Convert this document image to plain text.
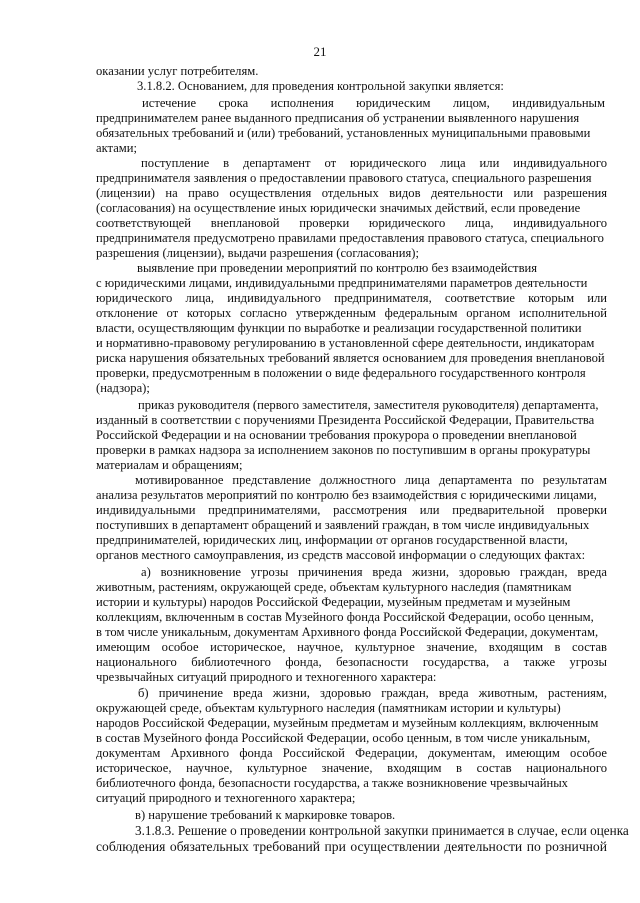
21
оказании услуг потребителям.
3.1.8.2. Основанием, для проведения контрольной закупки является:
истечение срока исполнения юридическим лицом, индивидуальным
предпринимателем ранее выданного предписания об устранении выявленного нарушения
обязательных требований и (или) требований, установленных муниципальными правовыми
актами;
поступление в департамент от юридического лица или индивидуального
предпринимателя заявления о предоставлении правового статуса, специального разрешения
(лицензии) на право осуществления отдельных видов деятельности или разрешения
(согласования) на осуществление иных юридически значимых действий, если проведение
соответствующей внеплановой проверки юридического лица, индивидуального
предпринимателя предусмотрено правилами предоставления правового статуса, специального
разрешения (лицензии), выдачи разрешения (согласования);
выявление при проведении мероприятий по контролю без взаимодействия
с юридическими лицами, индивидуальными предпринимателями параметров деятельности
юридического лица, индивидуального предпринимателя, соответствие которым или
отклонение от которых согласно утвержденным федеральным органом исполнительной
власти, осуществляющим функции по выработке и реализации государственной политики
и нормативно-правовому регулированию в установленной сфере деятельности, индикаторам
риска нарушения обязательных требований является основанием для проведения внеплановой
проверки, предусмотренным в положении о виде федерального государственного контроля
(надзора);
приказ руководителя (первого заместителя, заместителя руководителя) департамента,
изданный в соответствии с поручениями Президента Российской Федерации, Правительства
Российской Федерации и на основании требования прокурора о проведении внеплановой
проверки в рамках надзора за исполнением законов по поступившим в органы прокуратуры
материалам и обращениям;
мотивированное представление должностного лица департамента по результатам
анализа результатов мероприятий по контролю без взаимодействия с юридическими лицами,
индивидуальными предпринимателями, рассмотрения или предварительной проверки
поступивших в департамент обращений и заявлений граждан, в том числе индивидуальных
предпринимателей, юридических лиц, информации от органов государственной власти,
органов местного самоуправления, из средств массовой информации о следующих фактах:
а) возникновение угрозы причинения вреда жизни, здоровью граждан, вреда
животным, растениям, окружающей среде, объектам культурного наследия (памятникам
истории и культуры) народов Российской Федерации, музейным предметам и музейным
коллекциям, включенным в состав Музейного фонда Российской Федерации, особо ценным,
в том числе уникальным, документам Архивного фонда Российской Федерации, документам,
имеющим особое историческое, научное, культурное значение, входящим в состав
национального библиотечного фонда, безопасности государства, а также угрозы
чрезвычайных ситуаций природного и техногенного характера:
б) причинение вреда жизни, здоровью граждан, вреда животным, растениям,
окружающей среде, объектам культурного наследия (памятникам истории и культуры)
народов Российской Федерации, музейным предметам и музейным коллекциям, включенным
в состав Музейного фонда Российской Федерации, особо ценным, в том числе уникальным,
документам Архивного фонда Российской Федерации, документам, имеющим особое
историческое, научное, культурное значение, входящим в состав национального
библиотечного фонда, безопасности государства, а также возникновение чрезвычайных
ситуаций природного и техногенного характера;
в) нарушение требований к маркировке товаров.
3.1.8.3. Решение о проведении контрольной закупки принимается в случае, если оценка
соблюдения обязательных требований при осуществлении деятельности по розничной
